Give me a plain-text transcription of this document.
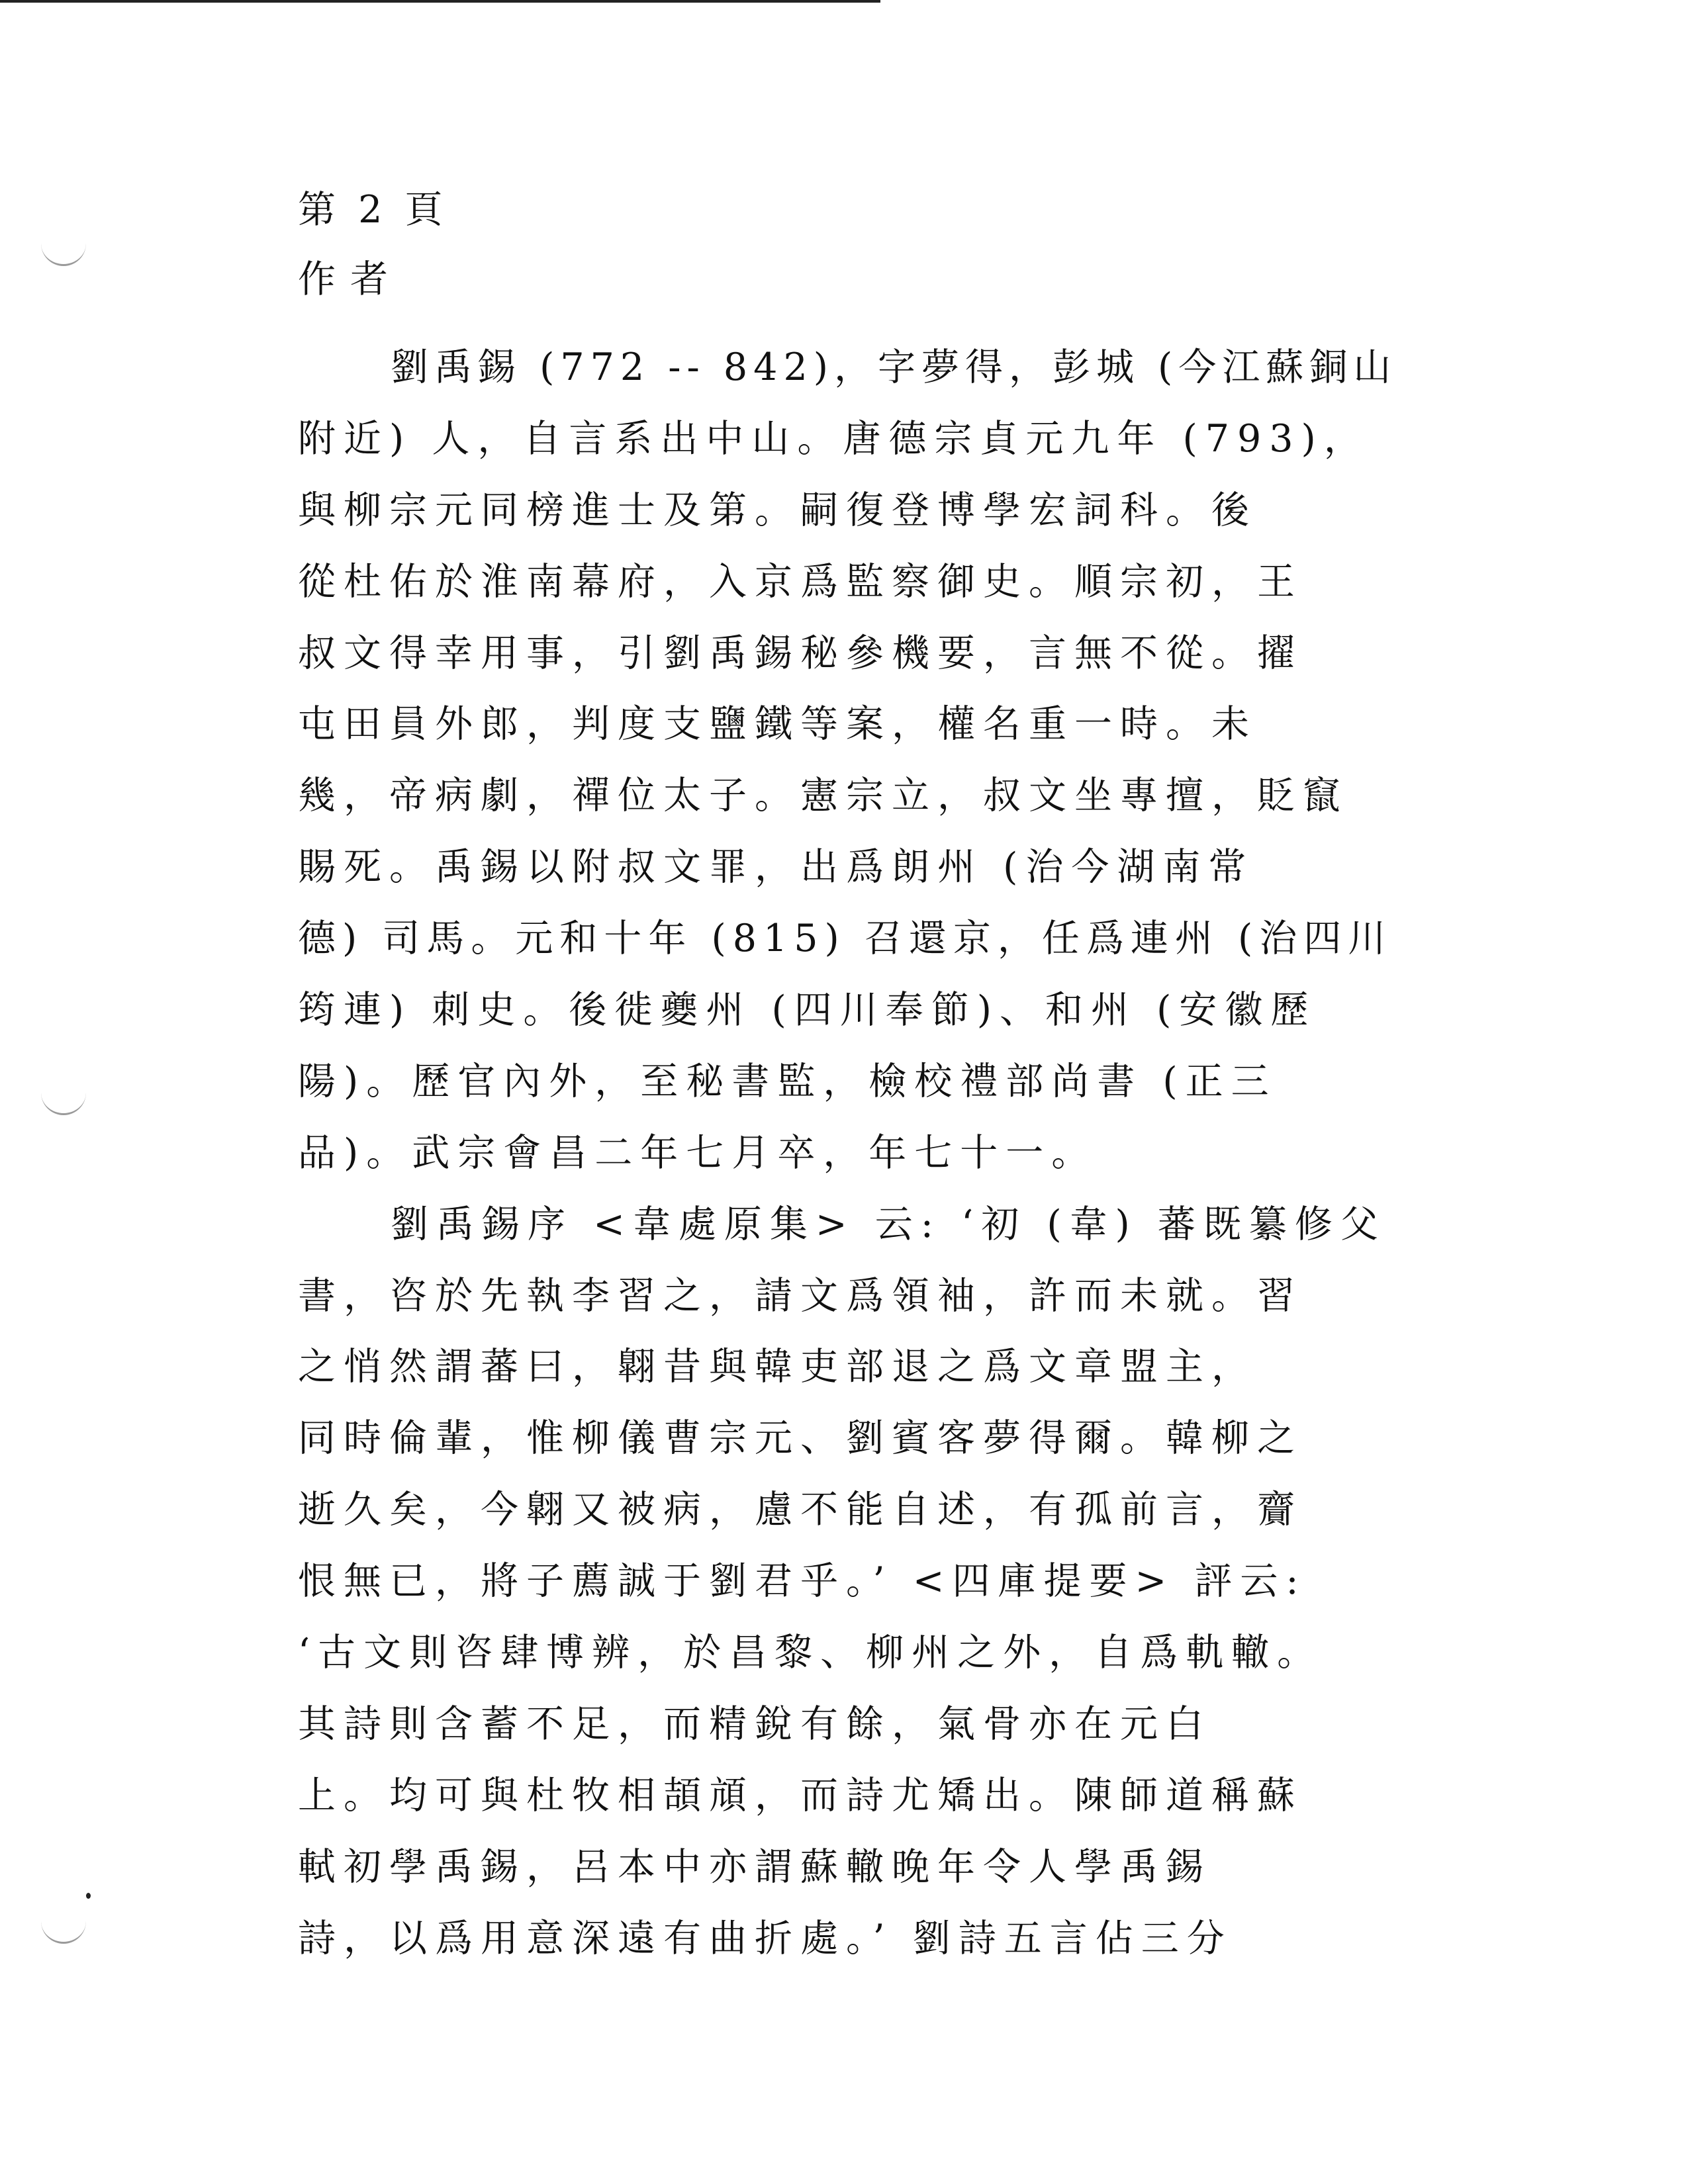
第 2 頁
作者
劉禹錫 (772 -- 842)，字夢得，彭城 (今江蘇銅山
附近) 人，自言系出中山。唐德宗貞元九年 (793)，
與柳宗元同榜進士及第。嗣復登博學宏詞科。後
從杜佑於淮南幕府，入京爲監察御史。順宗初，王
叔文得幸用事，引劉禹錫秘參機要，言無不從。擢
屯田員外郎，判度支鹽鐵等案，權名重一時。未
幾，帝病劇，禪位太子。憲宗立，叔文坐專擅，貶竄
賜死。禹錫以附叔文罪，出爲朗州 (治今湖南常
德) 司馬。元和十年 (815) 召還京，任爲連州 (治四川
筠連) 刺史。後徙夔州 (四川奉節)、和州 (安徽歷
陽)。歷官內外，至秘書監，檢校禮部尚書 (正三
品)。武宗會昌二年七月卒，年七十一。
劉禹錫序 <韋處原集> 云: ‘初 (韋) 蕃既纂修父
書，咨於先執李習之，請文爲領袖，許而未就。習
之悄然謂蕃曰，翺昔與韓吏部退之爲文章盟主，
同時倫輩，惟柳儀曹宗元、劉賓客夢得爾。韓柳之
逝久矣，今翺又被病，慮不能自述，有孤前言，齎
恨無已，將子薦誠于劉君乎。’ <四庫提要> 評云:
‘古文則咨肆博辨，於昌黎、柳州之外，自爲軌轍。
其詩則含蓄不足，而精銳有餘，氣骨亦在元白
上。均可與杜牧相頡頏，而詩尤矯出。陳師道稱蘇
軾初學禹錫，呂本中亦謂蘇轍晚年令人學禹錫
詩，以爲用意深遠有曲折處。’ 劉詩五言佔三分
